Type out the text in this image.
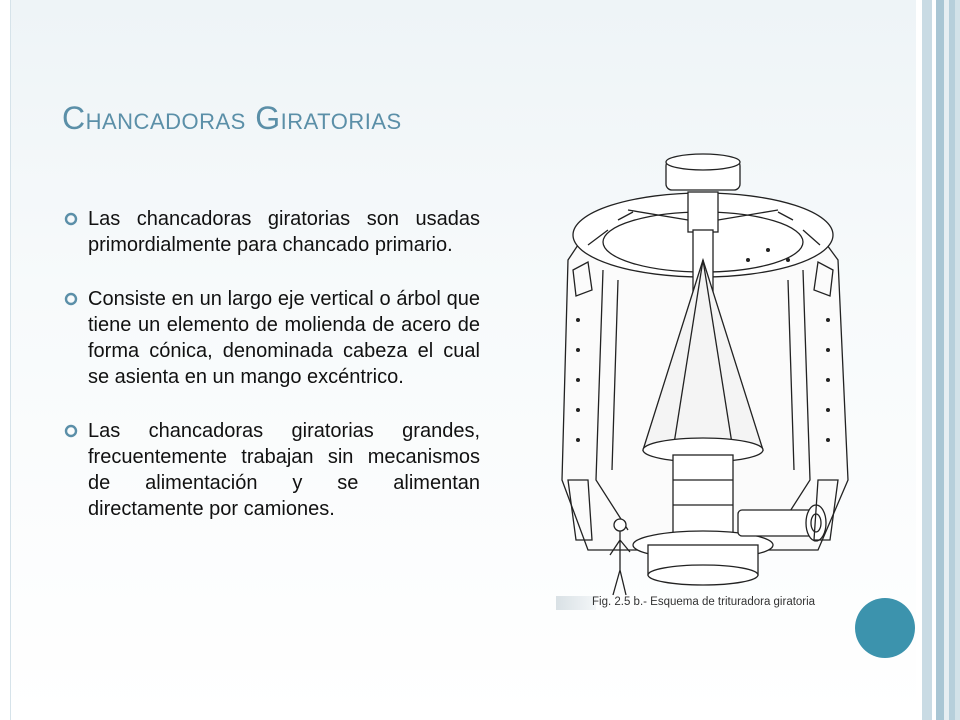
Chancadoras Giratorias
Las chancadoras giratorias son usadas primordialmente para chancado primario.
Consiste en un largo eje vertical o árbol que tiene un elemento de molienda de acero de forma cónica, denominada cabeza el cual se asienta en un mango excéntrico.
Las chancadoras giratorias grandes, frecuentemente trabajan sin mecanismos de alimentación y se alimentan directamente por camiones.
Fig. 2.5 b.- Esquema de trituradora giratoria
